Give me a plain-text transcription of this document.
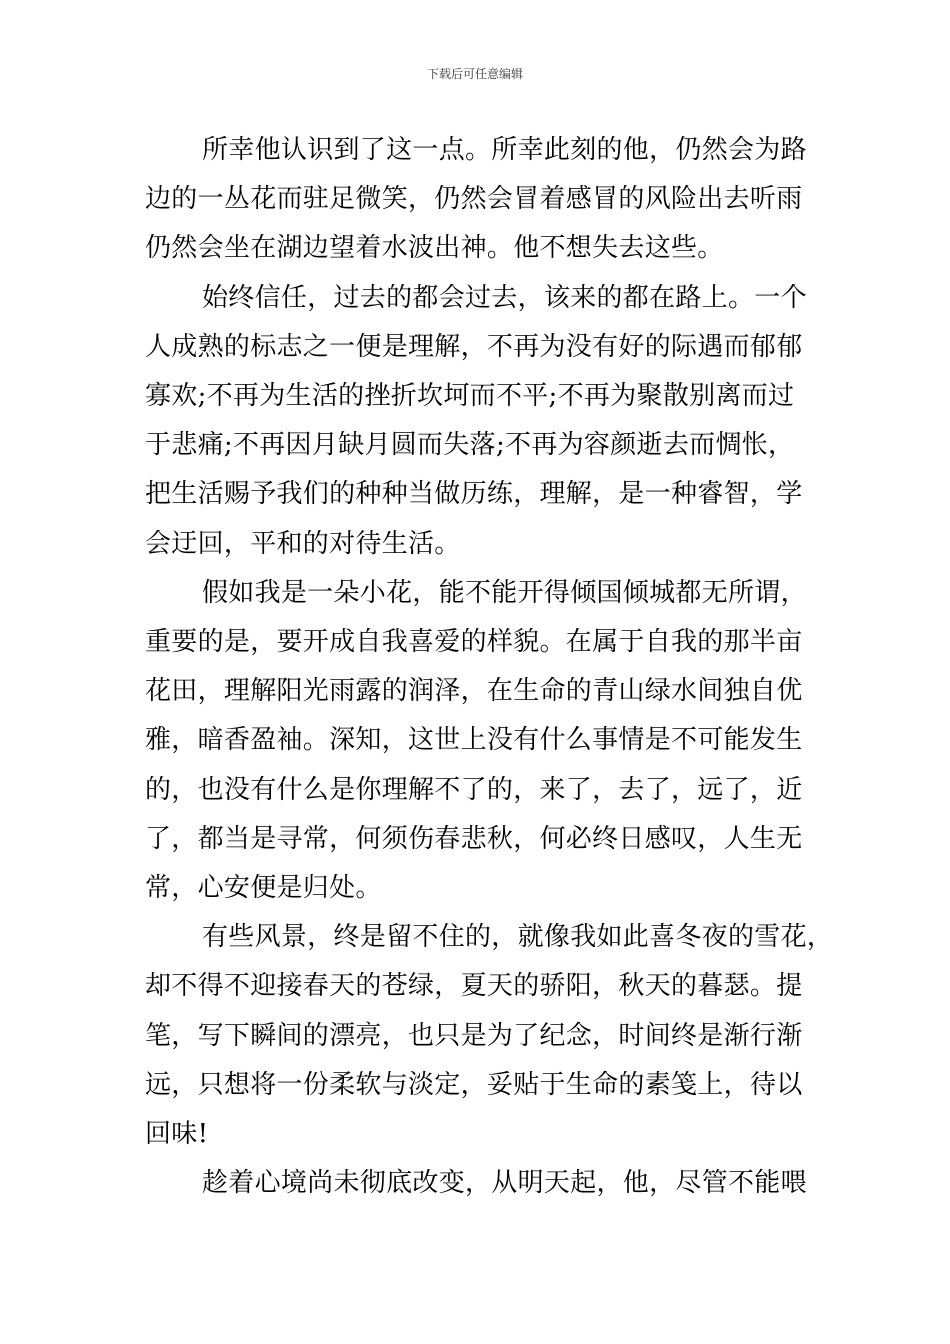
下载后可任意编辑
所幸他认识到了这一点。所幸此刻的他，仍然会为路
边的一丛花而驻足微笑，仍然会冒着感冒的风险出去听雨
仍然会坐在湖边望着水波出神。他不想失去这些。
始终信任，过去的都会过去，该来的都在路上。一个
人成熟的标志之一便是理解，不再为没有好的际遇而郁郁
寡欢;不再为生活的挫折坎坷而不平;不再为聚散别离而过
于悲痛;不再因月缺月圆而失落;不再为容颜逝去而惆怅，
把生活赐予我们的种种当做历练，理解，是一种睿智，学
会迂回，平和的对待生活。
假如我是一朵小花，能不能开得倾国倾城都无所谓，
重要的是，要开成自我喜爱的样貌。在属于自我的那半亩
花田，理解阳光雨露的润泽，在生命的青山绿水间独自优
雅，暗香盈袖。深知，这世上没有什么事情是不可能发生
的，也没有什么是你理解不了的，来了，去了，远了，近
了，都当是寻常，何须伤春悲秋，何必终日感叹，人生无
常，心安便是归处。
有些风景，终是留不住的，就像我如此喜冬夜的雪花，
却不得不迎接春天的苍绿，夏天的骄阳，秋天的暮瑟。提
笔，写下瞬间的漂亮，也只是为了纪念，时间终是渐行渐
远，只想将一份柔软与淡定，妥贴于生命的素笺上，待以
回味!
趁着心境尚未彻底改变，从明天起，他，尽管不能喂
